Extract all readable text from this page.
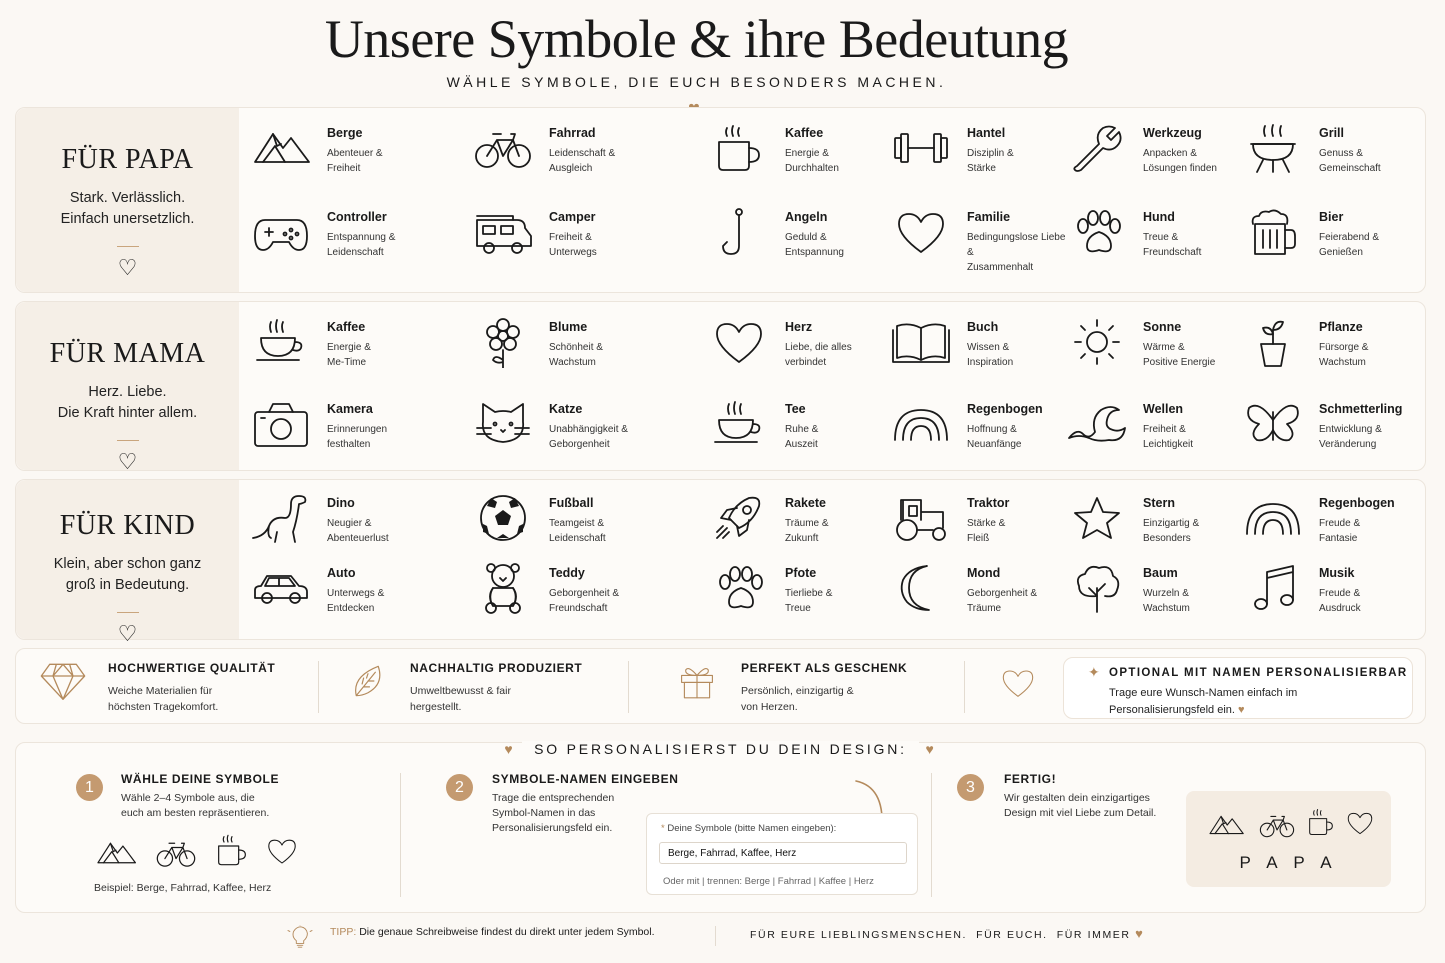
Unsere Symbole & ihre Bedeutung
WÄHLE SYMBOLE, DIE EUCH BESONDERS MACHEN.
FÜR PAPA
Stark. Verlässlich.
Einfach unersetzlich.
♡
Berge
Abenteuer &
Freiheit
Fahrrad
Leidenschaft &
Ausgleich
Kaffee
Energie &
Durchhalten
Hantel
Disziplin &
Stärke
Werkzeug
Anpacken &
Lösungen finden
Grill
Genuss &
Gemeinschaft
Controller
Entspannung &
Leidenschaft
Camper
Freiheit &
Unterwegs
Angeln
Geduld &
Entspannung
Familie
Bedingungslose Liebe &
Zusammenhalt
Hund
Treue &
Freundschaft
Bier
Feierabend &
Genießen
FÜR MAMA
Herz. Liebe.
Die Kraft hinter allem.
♡
Kaffee
Energie &
Me-Time
Blume
Schönheit &
Wachstum
Herz
Liebe, die alles
verbindet
Buch
Wissen &
Inspiration
Sonne
Wärme &
Positive Energie
Pflanze
Fürsorge &
Wachstum
Kamera
Erinnerungen
festhalten
Katze
Unabhängigkeit &
Geborgenheit
Tee
Ruhe &
Auszeit
Regenbogen
Hoffnung &
Neuanfänge
Wellen
Freiheit &
Leichtigkeit
Schmetterling
Entwicklung &
Veränderung
FÜR KIND
Klein, aber schon ganz
groß in Bedeutung.
♡
Dino
Neugier &
Abenteuerlust
Fußball
Teamgeist &
Leidenschaft
Rakete
Träume &
Zukunft
Traktor
Stärke &
Fleiß
Stern
Einzigartig &
Besonders
Regenbogen
Freude &
Fantasie
Auto
Unterwegs &
Entdecken
Teddy
Geborgenheit &
Freundschaft
Pfote
Tierliebe &
Treue
Mond
Geborgenheit &
Träume
Baum
Wurzeln &
Wachstum
Musik
Freude &
Ausdruck
HOCHWERTIGE QUALITÄT
Weiche Materialien für
höchsten Tragekomfort.
NACHHALTIG PRODUZIERT
Umweltbewusst & fair
hergestellt.
PERFEKT ALS GESCHENK
Persönlich, einzigartig &
von Herzen.
✦ OPTIONAL MIT NAMEN PERSONALISIERBAR
Trage eure Wunsch-Namen einfach im
Personalisierungsfeld ein. ♥
♥ SO PERSONALISIERST DU DEIN DESIGN: ♥
1	WÄHLE DEINE SYMBOLE
Wähle 2–4 Symbole aus, die
euch am besten repräsentieren.
Beispiel: Berge, Fahrrad, Kaffee, Herz
2	SYMBOLE-NAMEN EINGEBEN
Trage die entsprechenden
Symbol-Namen in das
Personalisierungsfeld ein.	* Deine Symbole (bitte Namen eingeben):
Berge, Fahrrad, Kaffee, Herz
Oder mit | trennen: Berge | Fahrrad | Kaffee | Herz
3	FERTIG!
Wir gestalten dein einzigartiges
Design mit viel Liebe zum Detail.
P A P A
TIPP: Die genaue Schreibweise findest du direkt unter jedem Symbol.	FÜR EURE LIEBLINGSMENSCHEN.  FÜR EUCH.  FÜR IMMER ♥
